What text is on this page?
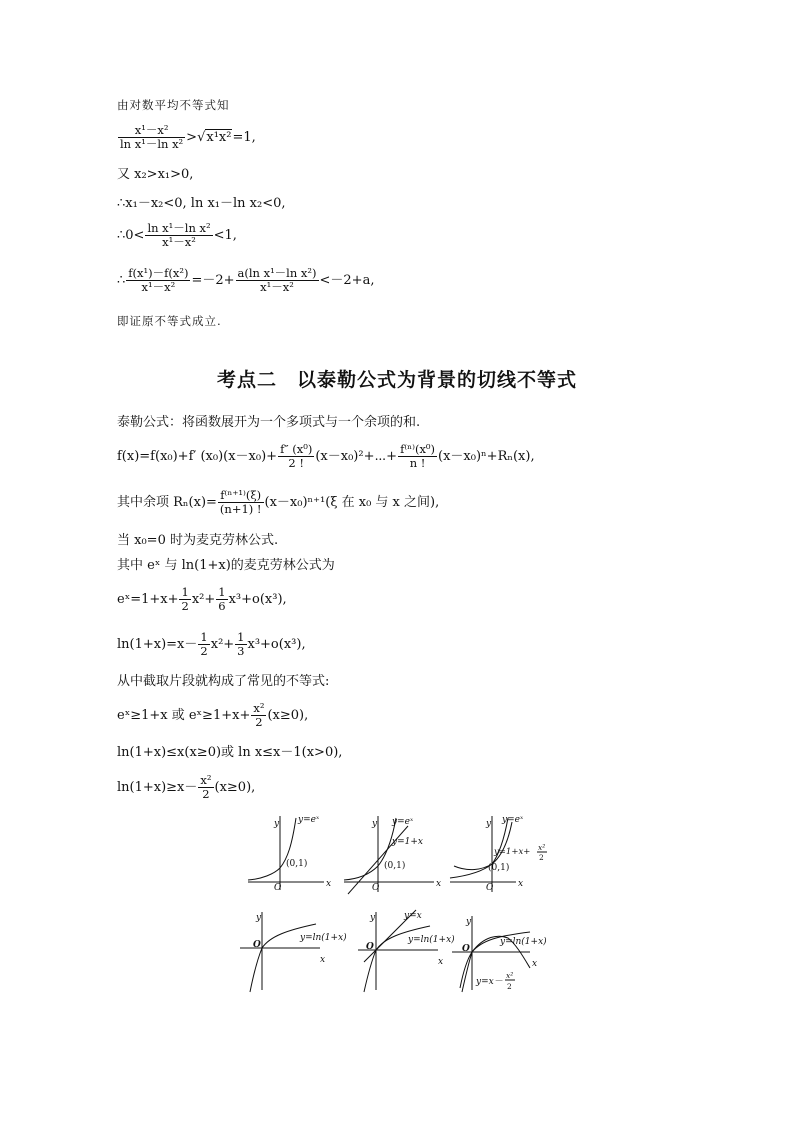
由对数平均不等式知
$\frac{\text{x¹－x²}}{\text{ln x¹－ln x²}} >√x^1x^2=1$,
又 x₂>x₁>0,
∴x₁－x₂<0, ln x₁－ln x₂<0,
∴0< $\frac{\text{ln x¹－ln x²}}{\text{x¹－x²}} <1$,
∴ $\frac{\text{f(x¹)－f(x²)}}{\text{x¹－x²}} =-2+ \frac{\text{a(ln x¹－ln x²)}}{\text{x¹－x²}} <-2+a$,
即证原不等式成立.
考点二　以泰勒公式为背景的切线不等式
泰勒公式：将函数展开为一个多项式与一个余项的和.
f(x)=f(x₀)+f′ $(x_0)(x-x_0)+ \frac{\text{f″ (x⁰)}}{2 !}$ (x－x₀)²+⋯+ $\frac{\text{f⁽ⁿ⁾(x⁰)}}{n !} (x-x_0)^n+R_n(x)$,
其中余项 $R_n(x)= \frac{\text{f⁽ⁿ⁺¹⁾(ξ)}}{(n+1) !} (x-x_0)^{n+1}(\xi$ 在 x₀ 与 x 之间),
当 x₀=0 时为麦克劳林公式.
其中 eˣ 与 ln(1+x)的麦克劳林公式为
eˣ=1+x+ $\frac{1}{2} x^2+ \frac{1}{6} x^3+o(x^3)$,
$\ln(1+x)=x- \frac{1}{2} x^2+ \frac{1}{3} x^3+o(x^3)$,
从中截取片段就构成了常见的不等式:
eˣ≥1+x 或 eˣ≥1+x+ $\frac{\text{x²}}{2} (x\ge 0)$,
ln(1+x)≤x(x≥0)或 ln x≤x－1(x>0),
$\ln(1+x)\ge x- \frac{\text{x²}}{2} (x\ge 0)$,
y
x
O
(0,1)
y=eˣ	y
x
O
(0,1)
y=eˣ
y=1+x
y
x
O
(0,1)
y=eˣ
y=1+x+ x²
2
y
x
O
y=ln(1+x)
y
x
O
y=x
y=ln(1+x)
y
x
O
y=ln(1+x)
y=x－
x²
2
